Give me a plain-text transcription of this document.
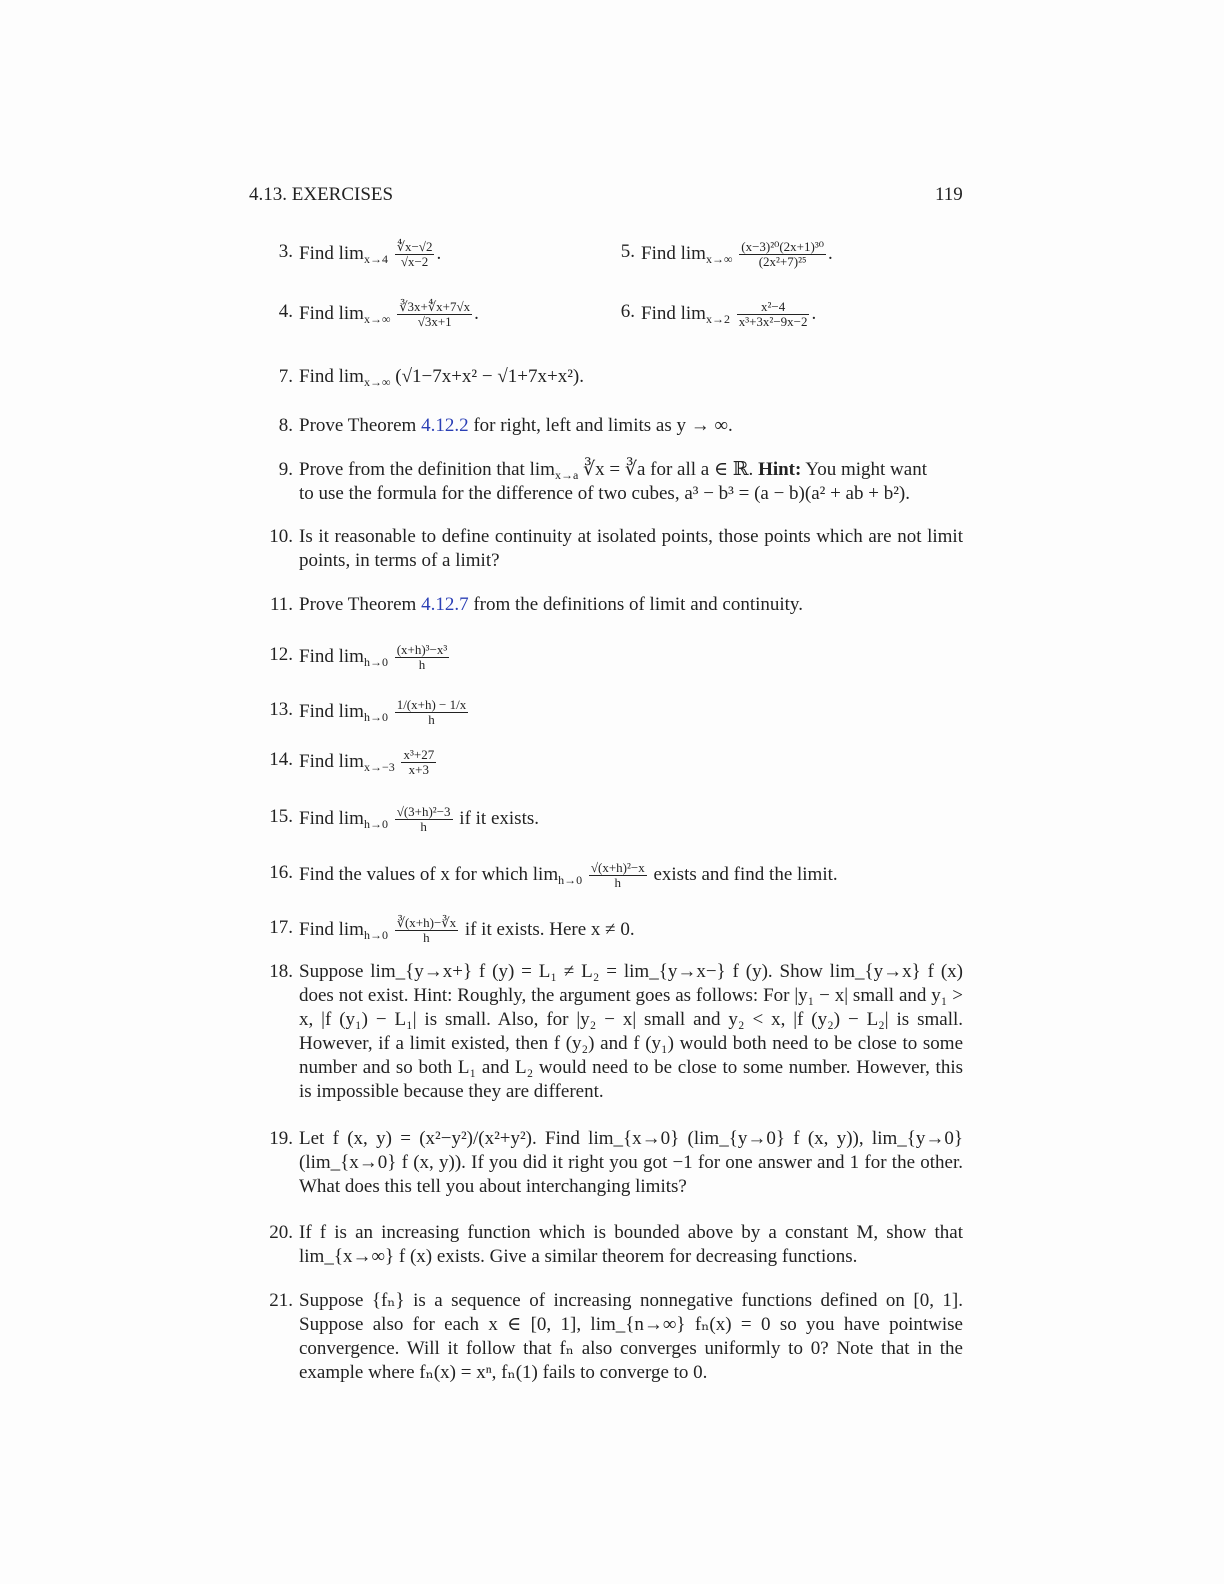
4.13. EXERCISES	119
3. Find $\lim_{x\to 4} \frac{∜x-√2}{√x-2}$ .	5. Find $\lim_{x\to\infty} \frac{\text{(x−3)²⁰(2x+1)³⁰}}{\text{(2x²+7)²⁵}}$ .
4. Find $\lim_{x\to\infty} \frac{∛3x+∜x+7√x}{√3x+1}$ .	6. Find $\lim_{x\to 2} \frac{\text{x²−4}}{\text{x³+3x²−9x−2}}$ .
7. Find $\lim_{x\to\infty} (√1-7x+x^2 - √1+7x+x^2)$.
8. Prove Theorem 4.12.2 for right, left and limits as y → ∞.
9. Prove from the definition that $\lim_{x\to a}$ ∛x = ∛a for all a ∈ ℝ. Hint: You might want
to use the formula for the difference of two cubes, a³ − b³ = (a − b)(a² + ab + b²).
10. Is it reasonable to define continuity at isolated points, those points which are not limit points, in terms of a limit?
11. Prove Theorem 4.12.7 from the definitions of limit and continuity.
12. Find $\lim_{h\to 0} \frac{\text{(x+h)³−x³}}{h}$
13. Find $\lim_{h\to 0} \frac{1/(x+h) - 1/x}{h}$
14. Find $\lim_{x\to-3} \frac{\text{x³+27}}{x+3}$
15. Find $\lim_{h\to 0} \frac{\text{√(3+h)²−3}}{h}$ if it exists.
16. Find the values of x for which $\lim_{h\to 0} \frac{\text{√(x+h)²−x}}{h}$ exists and find the limit.
17. Find $\lim_{h\to 0} \frac{∛(x+h)-∛x}{h}$ if it exists. Here x ≠ 0.
18. Suppose lim_{y→x+} f (y) = L₁ ≠ L₂ = lim_{y→x−} f (y). Show lim_{y→x} f (x) does not exist. Hint: Roughly, the argument goes as follows: For |y₁ − x| small and y₁ > x, |f (y₁) − L₁| is small. Also, for |y₂ − x| small and y₂ < x, |f (y₂) − L₂| is small. However, if a limit existed, then f (y₂) and f (y₁) would both need to be close to some number and so both L₁ and L₂ would need to be close to some number. However, this is impossible because they are different.
19. Let f (x, y) = (x²−y²)/(x²+y²). Find lim_{x→0} (lim_{y→0} f (x, y)), lim_{y→0} (lim_{x→0} f (x, y)). If you did it right you got −1 for one answer and 1 for the other. What does this tell you about interchanging limits?
20. If f is an increasing function which is bounded above by a constant M, show that lim_{x→∞} f (x) exists. Give a similar theorem for decreasing functions.
21. Suppose {fₙ} is a sequence of increasing nonnegative functions defined on [0, 1]. Suppose also for each x ∈ [0, 1], lim_{n→∞} fₙ(x) = 0 so you have pointwise convergence. Will it follow that fₙ also converges uniformly to 0? Note that in the example where fₙ(x) = xⁿ, fₙ(1) fails to converge to 0.
